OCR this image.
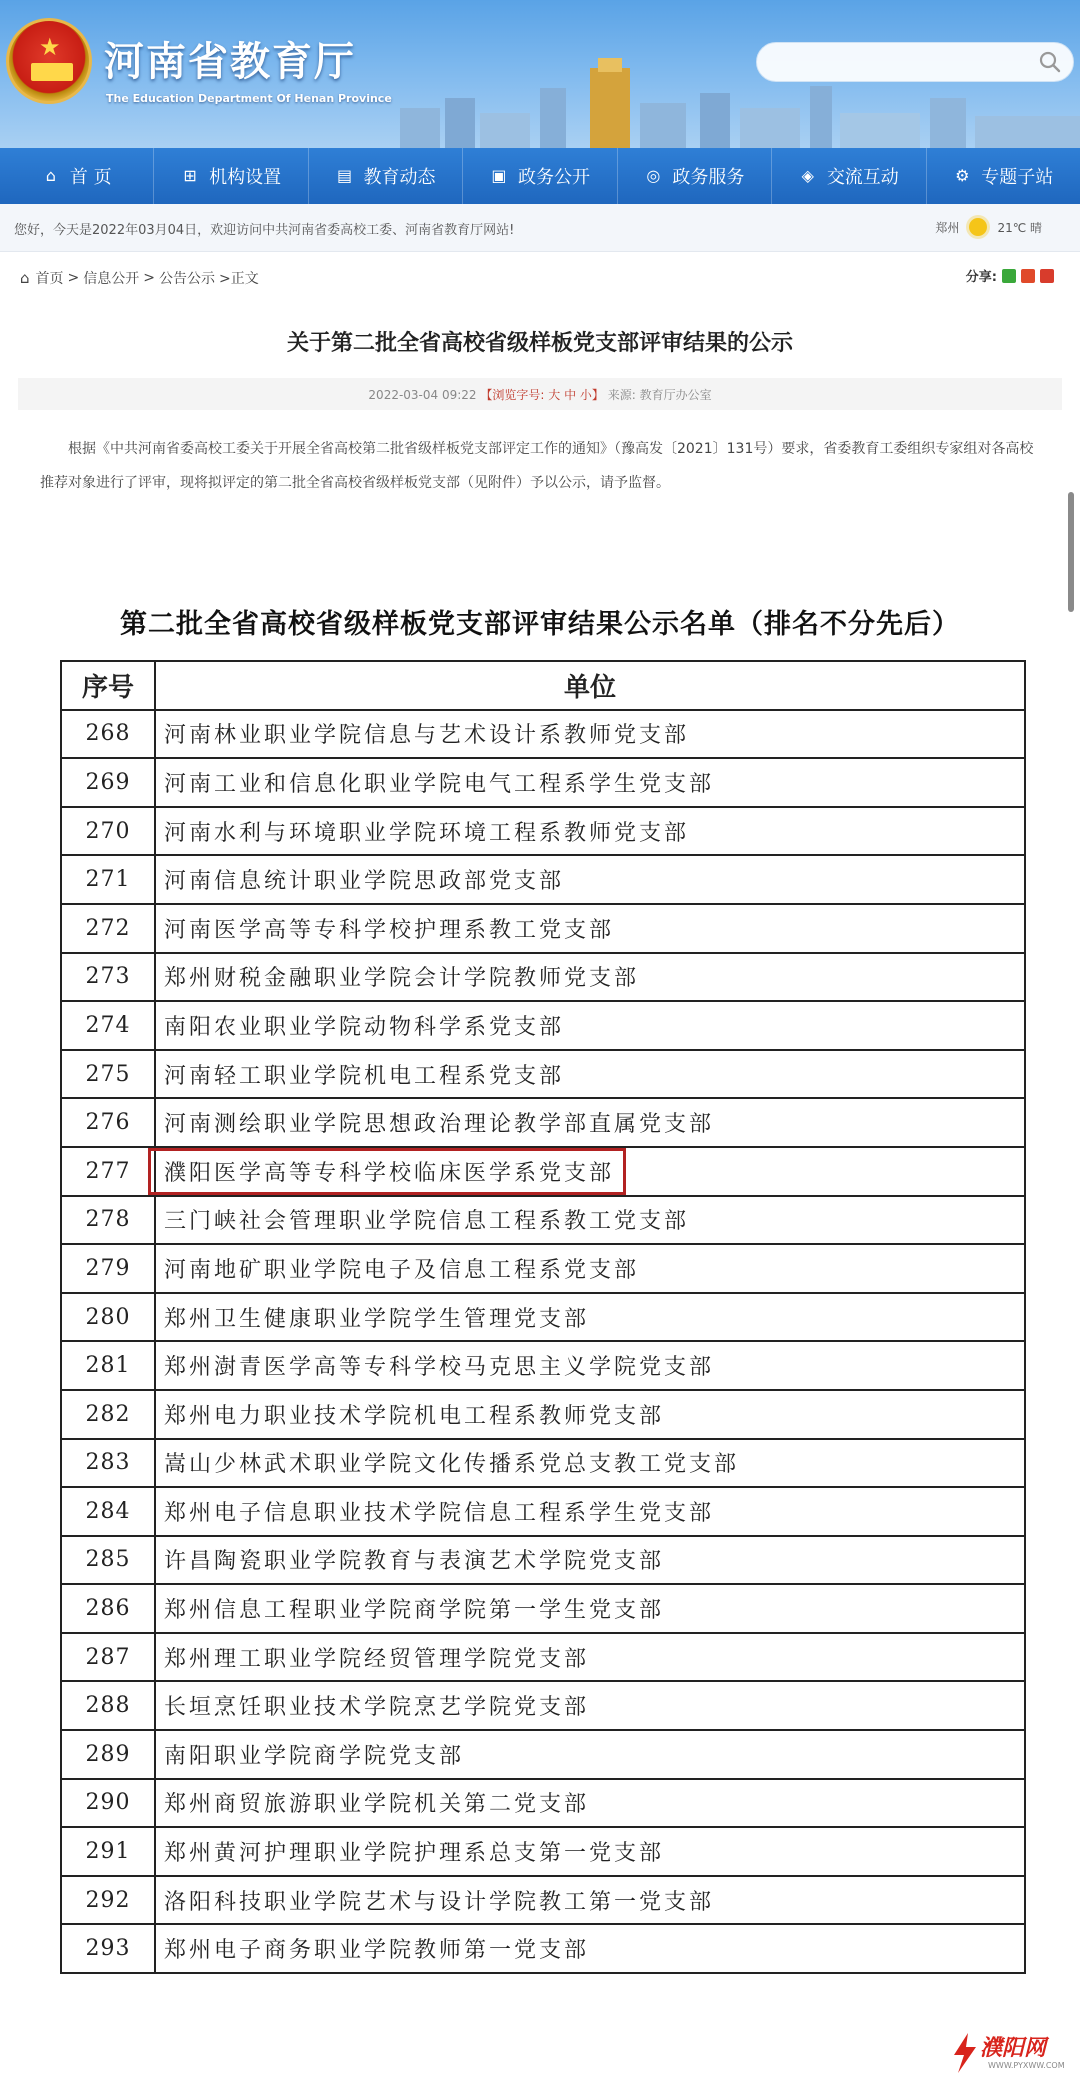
★ 河南省教育厅
The Education Department Of Henan Province
⌂ 首 页	⊞ 机构设置	▤ 教育动态	▣ 政务公开	◎ 政务服务	◈ 交流互动	⚙ 专题子站
您好，今天是2022年03月04日，欢迎访问中共河南省委高校工委、河南省教育厅网站!	郑州	21℃ 晴
⌂ 首页 > 信息公开 > 公告公示 >正文	分享:
关于第二批全省高校省级样板党支部评审结果的公示
2022-03-04 09:22 【浏览字号: 大 中 小】 来源: 教育厅办公室
根据《中共河南省委高校工委关于开展全省高校第二批省级样板党支部评定工作的通知》（豫高发〔2021〕131号）要求，省委教育工委组织专家组对各高校推荐对象进行了评审，现将拟评定的第二批全省高校省级样板党支部（见附件）予以公示，请予监督。
第二批全省高校省级样板党支部评审结果公示名单（排名不分先后）
序号	单位
268	河南林业职业学院信息与艺术设计系教师党支部
269	河南工业和信息化职业学院电气工程系学生党支部
270	河南水利与环境职业学院环境工程系教师党支部
271	河南信息统计职业学院思政部党支部
272	河南医学高等专科学校护理系教工党支部
273	郑州财税金融职业学院会计学院教师党支部
274	南阳农业职业学院动物科学系党支部
275	河南轻工职业学院机电工程系党支部
276	河南测绘职业学院思想政治理论教学部直属党支部
277	濮阳医学高等专科学校临床医学系党支部
278	三门峡社会管理职业学院信息工程系教工党支部
279	河南地矿职业学院电子及信息工程系党支部
280	郑州卫生健康职业学院学生管理党支部
281	郑州澍青医学高等专科学校马克思主义学院党支部
282	郑州电力职业技术学院机电工程系教师党支部
283	嵩山少林武术职业学院文化传播系党总支教工党支部
284	郑州电子信息职业技术学院信息工程系学生党支部
285	许昌陶瓷职业学院教育与表演艺术学院党支部
286	郑州信息工程职业学院商学院第一学生党支部
287	郑州理工职业学院经贸管理学院党支部
288	长垣烹饪职业技术学院烹艺学院党支部
289	南阳职业学院商学院党支部
290	郑州商贸旅游职业学院机关第二党支部
291	郑州黄河护理职业学院护理系总支第一党支部
292	洛阳科技职业学院艺术与设计学院教工第一党支部
293	郑州电子商务职业学院教师第一党支部
濮阳网
WWW.PYXWW.COM
